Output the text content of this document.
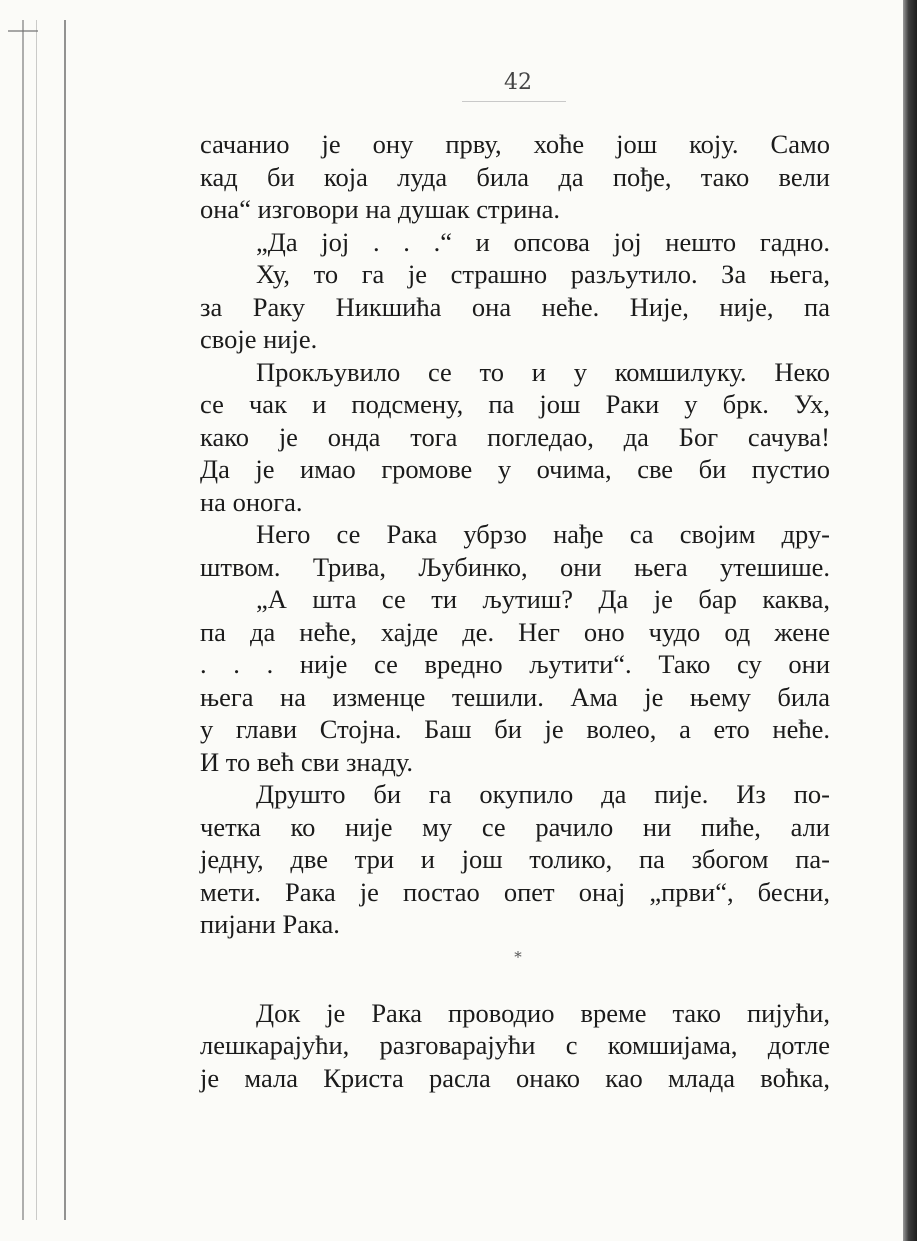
42

сачанио је ону прву, хоће још коју. Само

кад би која луда била да пође, тако вели

она“ изговори на душак стрина.

„Да јој . . .“ и опсова јој нешто гадно.

Ху, то га је страшно разљутило. За њега,

за Раку Никшића она неће. Није, није, па

своје није.

Прокљувило се то и у комшилуку. Неко

се чак и подсмену, па још Раки у брк. Ух,

како је онда тога погледао, да Бог сачува!

Да је имао громове у очима, све би пустио

на онога.

Него се Рака убрзо нађе са својим дру-

штвом. Трива, Љубинко, они њега утешише.

„А шта се ти љутиш? Да је бар каква,

па да неће, хајде де. Нег оно чудо од жене

. . . није се вредно љутити“. Тако су они

њега на изменце тешили. Ама је њему била

у глави Стојна. Баш би је волео, а ето неће.

И то већ сви знаду.

Друштo би га окупило да пије. Из по-

четка ко није му се рачило ни пиће, али

једну, две три и још толико, па збогом па-

мети. Рака је постао опет онај „први“, бесни,

пијани Рака.

*

Док је Рака проводио време тако пијући,

лешкарајући, разговарајући с комшијама, дотле

је мала Криста расла онако као млада воћка,
